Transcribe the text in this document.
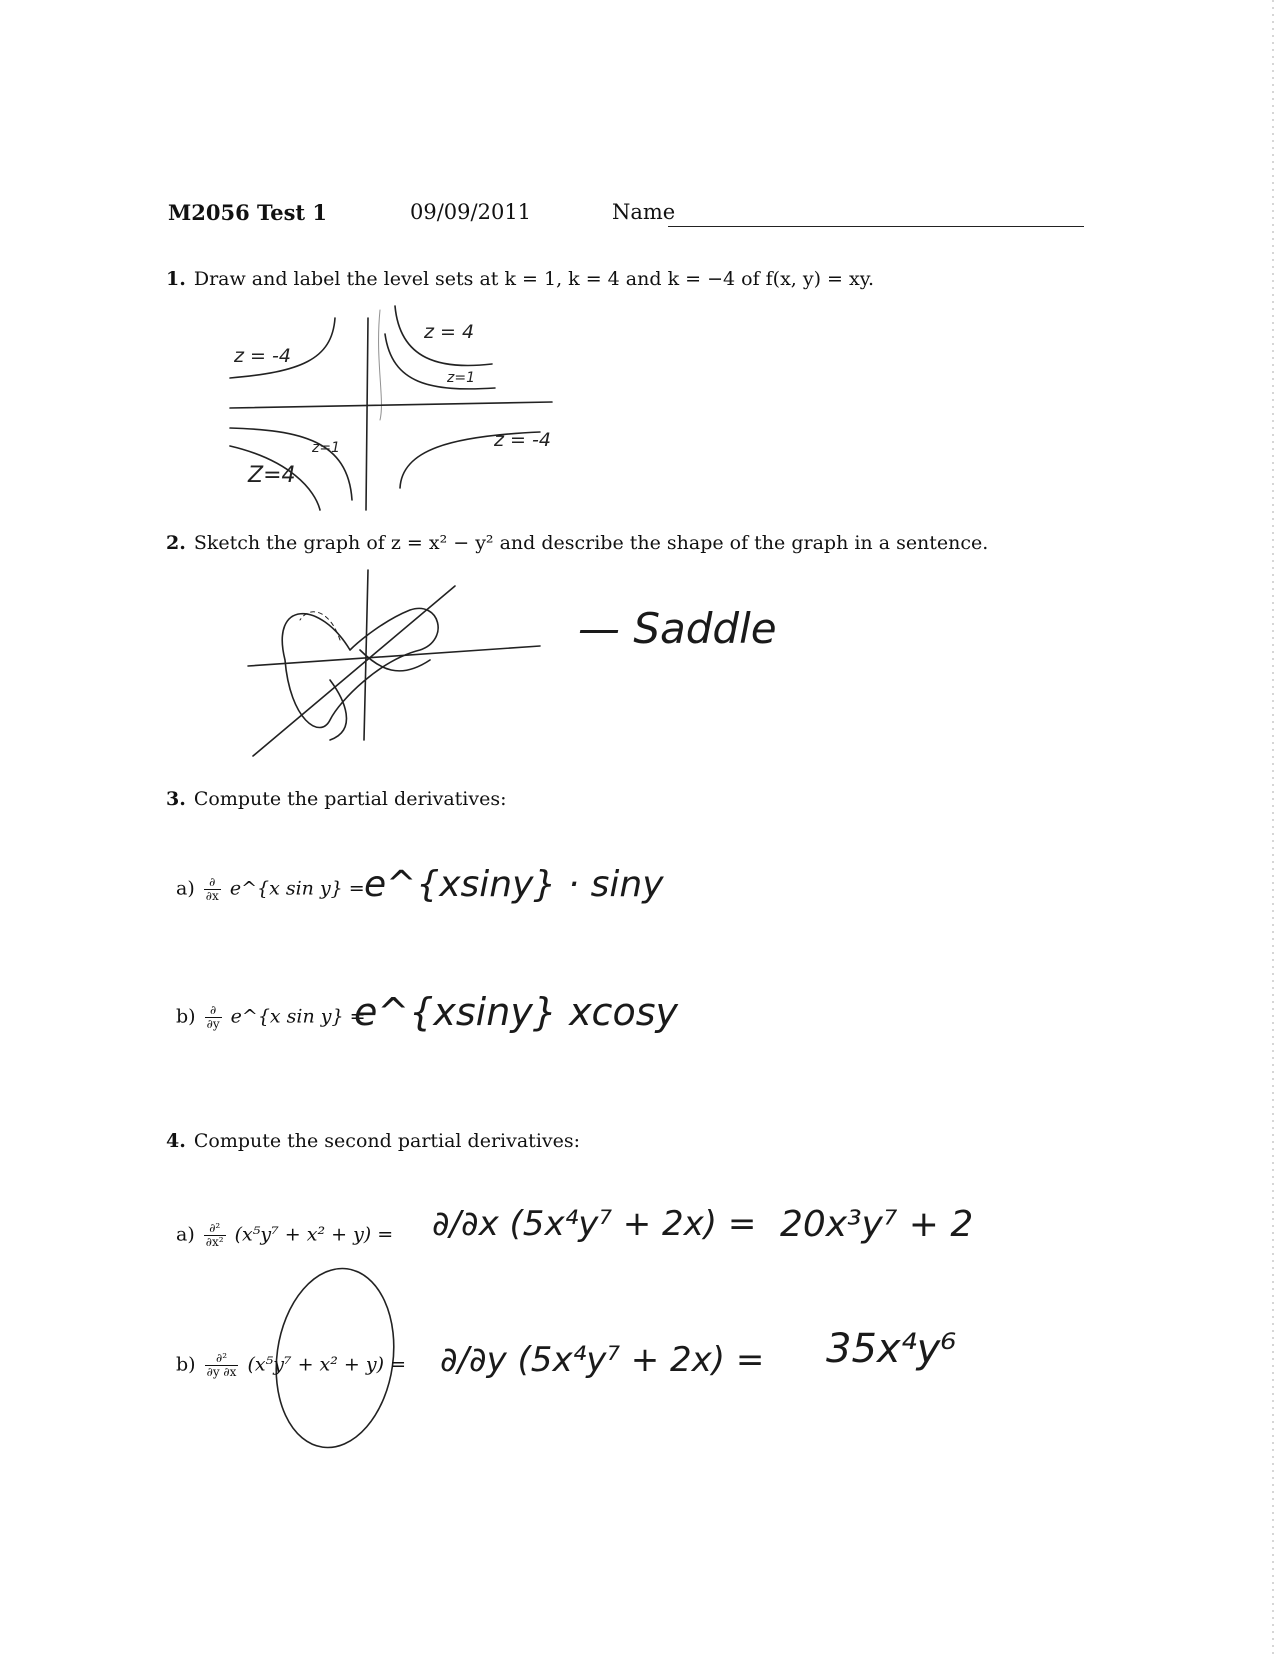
M2056 Test 1	09/09/2011	Name
1. Draw and label the level sets at k = 1, k = 4 and k = −4 of f(x, y) = xy.
z = 4
z=1
z = -4
z=1
Z=4
z = -4
2. Sketch the graph of z = x² − y² and describe the shape of the graph in a sentence.
— Saddle
3. Compute the partial derivatives:
$a) \frac{\partial}{\partial x}$ e^{x sin y} = e^{xsiny} · siny
$b) \frac{\partial}{\partial y}$ e^{x sin y} =
e^{xsiny} xcosy
4. Compute the second partial derivatives:
$a) \frac{\text{∂²}}{\text{∂x²}} (x^5y^7 + x^2 + y) = \partial/\partial x$ (5x⁴y⁷ + 2x) = 20x³y⁷ + 2
$b) \frac{\text{∂²}}{\partial y \partial x} (x^5y^7 + x^2 + y) = \partial/\partial y$ (5x⁴y⁷ + 2x) = 35x⁴y⁶
